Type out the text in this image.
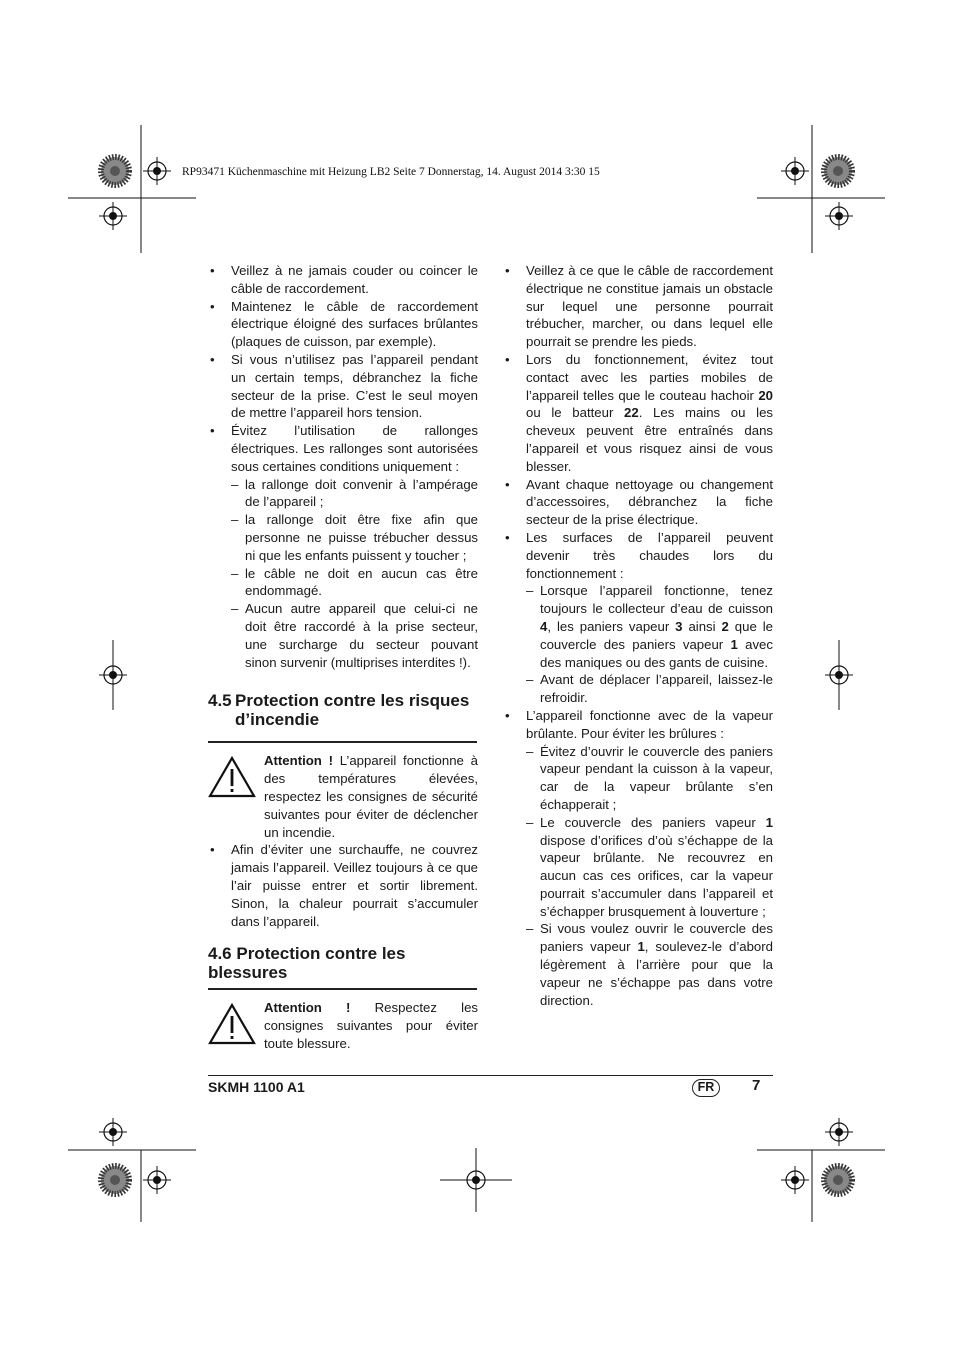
RP93471 Küchenmaschine mit Heizung LB2 Seite 7 Donnerstag, 14. August 2014 3:30 15
• Veillez à ne jamais couder ou coincer le câble de raccordement.
• Maintenez le câble de raccordement électrique éloigné des surfaces brûlantes (plaques de cuisson, par exemple).
• Si vous n’utilisez pas l’appareil pendant un certain temps, débranchez la fiche secteur de la prise. C’est le seul moyen de mettre l’appareil hors tension.
• Évitez l’utilisation de rallonges électriques. Les rallonges sont autorisées sous certaines conditions uniquement :
– la rallonge doit convenir à l’ampérage de l’appareil ;
– la rallonge doit être fixe afin que personne ne puisse trébucher dessus ni que les enfants puissent y toucher ;
– le câble ne doit en aucun cas être endommagé.
– Aucun autre appareil que celui-ci ne doit être raccordé à la prise secteur, une surcharge du secteur pouvant sinon survenir (multiprises interdites !).
4.5 Protection contre les risques d’incendie
Attention ! L’appareil fonctionne à des températures élevées, respectez les consignes de sécurité suivantes pour éviter de déclencher un incendie.
• Afin d’éviter une surchauffe, ne couvrez jamais l’appareil. Veillez toujours à ce que l’air puisse entrer et sortir librement. Sinon, la chaleur pourrait s’accumuler dans l’appareil.
4.6 Protection contre les blessures
Attention ! Respectez les consignes suivantes pour éviter toute blessure.
• Veillez à ce que le câble de raccordement électrique ne constitue jamais un obstacle sur lequel une personne pourrait trébucher, marcher, ou dans lequel elle pourrait se prendre les pieds.
• Lors du fonctionnement, évitez tout contact avec les parties mobiles de l’appareil telles que le couteau hachoir 20 ou le batteur 22. Les mains ou les cheveux peuvent être entraînés dans l’appareil et vous risquez ainsi de vous blesser.
• Avant chaque nettoyage ou changement d’accessoires, débranchez la fiche secteur de la prise électrique.
• Les surfaces de l’appareil peuvent devenir très chaudes lors du fonctionnement :
– Lorsque l’appareil fonctionne, tenez toujours le collecteur d’eau de cuisson 4, les paniers vapeur 3 ainsi 2 que le couvercle des paniers vapeur 1 avec des maniques ou des gants de cuisine.
– Avant de déplacer l’appareil, laissez-le refroidir.
• L’appareil fonctionne avec de la vapeur brûlante. Pour éviter les brûlures :
– Évitez d’ouvrir le couvercle des paniers vapeur pendant la cuisson à la vapeur, car de la vapeur brûlante s’en échapperait ;
– Le couvercle des paniers vapeur 1 dispose d’orifices d’où s’échappe de la vapeur brûlante. Ne recouvrez en aucun cas ces orifices, car la vapeur pourrait s’accumuler dans l’appareil et s’échapper brusquement à louverture ;
– Si vous voulez ouvrir le couvercle des paniers vapeur 1, soulevez-le d’abord légèrement à l’arrière pour que la vapeur ne s’échappe pas dans votre direction.
SKMH 1100 A1	FR	7
